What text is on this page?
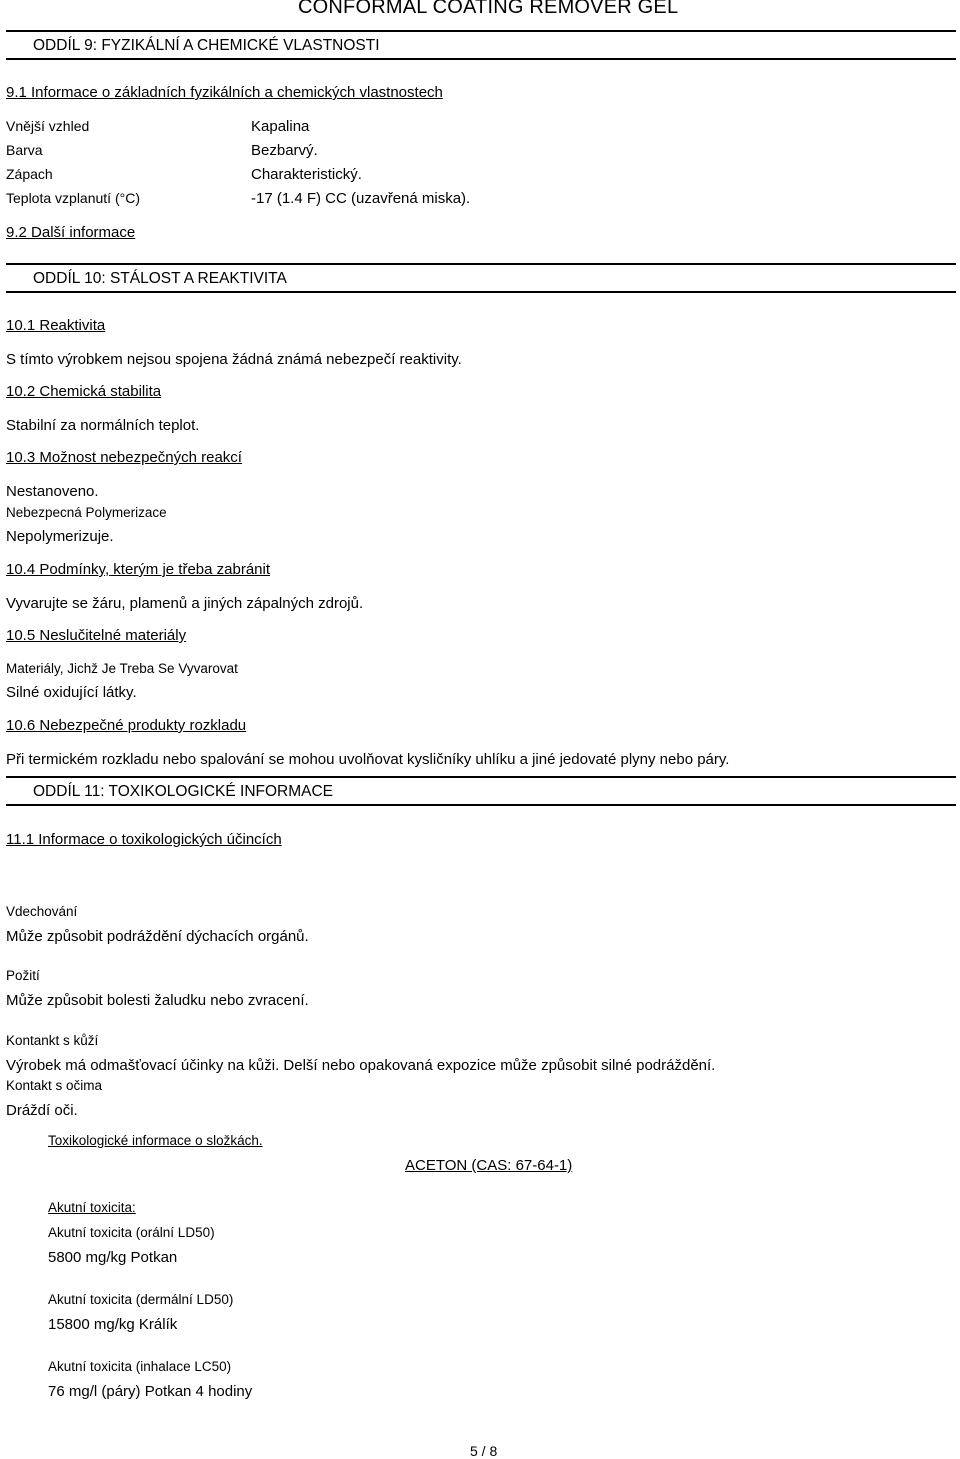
CONFORMAL COATING REMOVER GEL
ODDÍL 9: FYZIKÁLNÍ A CHEMICKÉ VLASTNOSTI
9.1 Informace o základních fyzikálních a chemických vlastnostech
Vnější vzhled	Kapalina
Barva	Bezbarvý.
Zápach	Charakteristický.
Teplota vzplanutí (°C)	-17 (1.4 F) CC (uzavřená miska).
9.2 Další informace
ODDÍL 10: STÁLOST A REAKTIVITA
10.1 Reaktivita
S tímto výrobkem nejsou spojena žádná známá nebezpečí reaktivity.
10.2 Chemická stabilita
Stabilní za normálních teplot.
10.3 Možnost nebezpečných reakcí
Nestanoveno.
Nebezpecná Polymerizace
Nepolymerizuje.
10.4 Podmínky, kterým je třeba zabránit
Vyvarujte se žáru, plamenů a jiných zápalných zdrojů.
10.5 Neslučitelné materiály
Materiály, Jichž Je Treba Se Vyvarovat
Silné oxidující látky.
10.6 Nebezpečné produkty rozkladu
Při termickém rozkladu nebo spalování se mohou uvolňovat kysličníky uhlíku a jiné jedovaté plyny nebo páry.
ODDÍL 11: TOXIKOLOGICKÉ INFORMACE
11.1 Informace o toxikologických účincích
Vdechování
Může způsobit podráždění dýchacích orgánů.
Požití
Může způsobit bolesti žaludku nebo zvracení.
Kontankt s kůží
Výrobek má odmašťovací účinky na kůži. Delší nebo opakovaná expozice může způsobit silné podráždění.
Kontakt s očima
Dráždí oči.
Toxikologické informace o složkách.
ACETON (CAS: 67-64-1)
Akutní toxicita:
Akutní toxicita (orální LD50)
5800 mg/kg Potkan
Akutní toxicita (dermální LD50)
15800 mg/kg Králík
Akutní toxicita (inhalace LC50)
76 mg/l (páry) Potkan 4 hodiny
5 / 8
